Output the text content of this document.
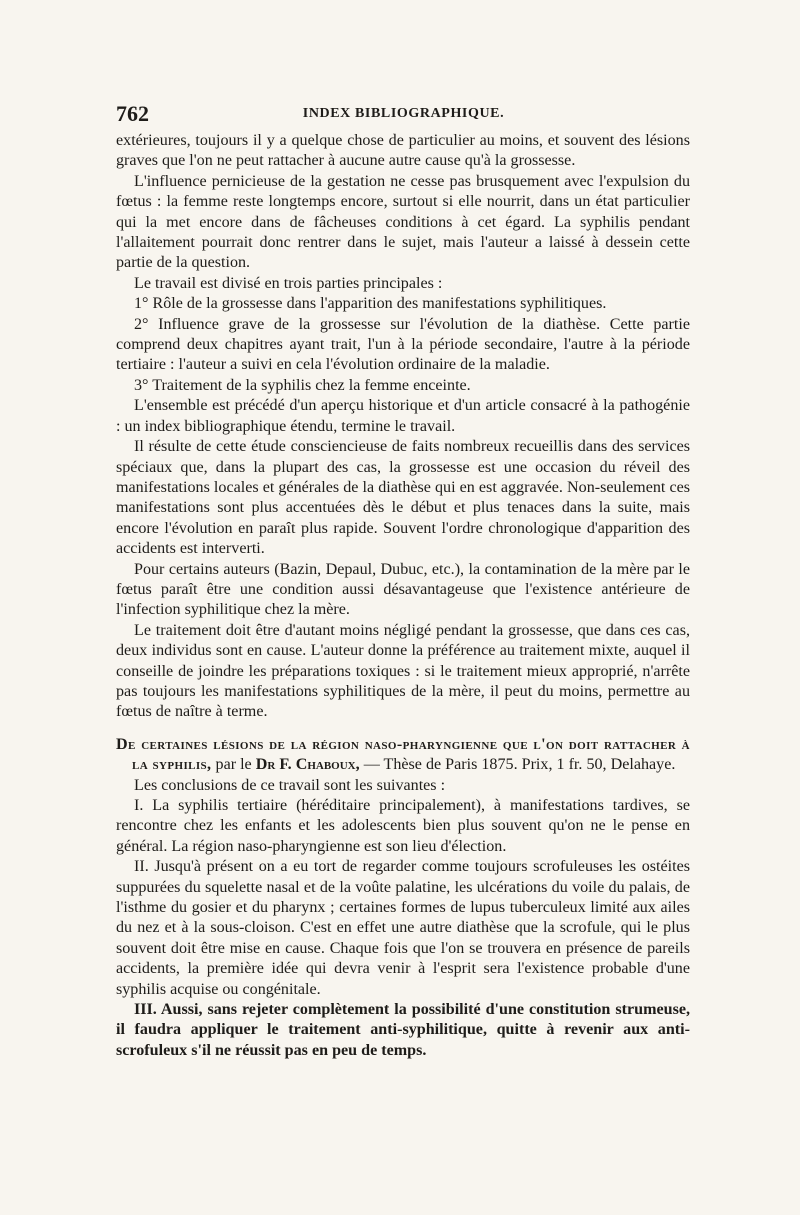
762	INDEX BIBLIOGRAPHIQUE.

extérieures, toujours il y a quelque chose de particulier au moins, et souvent des lésions graves que l'on ne peut rattacher à aucune autre cause qu'à la grossesse.

L'influence pernicieuse de la gestation ne cesse pas brusquement avec l'expulsion du fœtus : la femme reste longtemps encore, surtout si elle nourrit, dans un état particulier qui la met encore dans de fâcheuses conditions à cet égard. La syphilis pendant l'allaitement pourrait donc rentrer dans le sujet, mais l'auteur a laissé à dessein cette partie de la question.

Le travail est divisé en trois parties principales :

1° Rôle de la grossesse dans l'apparition des manifestations syphilitiques.

2° Influence grave de la grossesse sur l'évolution de la diathèse. Cette partie comprend deux chapitres ayant trait, l'un à la période secondaire, l'autre à la période tertiaire : l'auteur a suivi en cela l'évolution ordinaire de la maladie.

3° Traitement de la syphilis chez la femme enceinte.

L'ensemble est précédé d'un aperçu historique et d'un article consacré à la pathogénie : un index bibliographique étendu, termine le travail.

Il résulte de cette étude consciencieuse de faits nombreux recueillis dans des services spéciaux que, dans la plupart des cas, la grossesse est une occasion du réveil des manifestations locales et générales de la diathèse qui en est aggravée. Non-seulement ces manifestations sont plus accentuées dès le début et plus tenaces dans la suite, mais encore l'évolution en paraît plus rapide. Souvent l'ordre chronologique d'apparition des accidents est interverti.

Pour certains auteurs (Bazin, Depaul, Dubuc, etc.), la contamination de la mère par le fœtus paraît être une condition aussi désavantageuse que l'existence antérieure de l'infection syphilitique chez la mère.

Le traitement doit être d'autant moins négligé pendant la grossesse, que dans ces cas, deux individus sont en cause. L'auteur donne la préférence au traitement mixte, auquel il conseille de joindre les préparations toxiques : si le traitement mieux approprié, n'arrête pas toujours les manifestations syphilitiques de la mère, il peut du moins, permettre au fœtus de naître à terme.

De certaines lésions de la région naso-pharyngienne que l'on doit rattacher à la syphilis, par le Dr F. Chaboux, — Thèse de Paris 1875. Prix, 1 fr. 50, Delahaye.

Les conclusions de ce travail sont les suivantes :

I. La syphilis tertiaire (héréditaire principalement), à manifestations tardives, se rencontre chez les enfants et les adolescents bien plus souvent qu'on ne le pense en général. La région naso-pharyngienne est son lieu d'élection.

II. Jusqu'à présent on a eu tort de regarder comme toujours scrofuleuses les ostéites suppurées du squelette nasal et de la voûte palatine, les ulcérations du voile du palais, de l'isthme du gosier et du pharynx ; certaines formes de lupus tuberculeux limité aux ailes du nez et à la sous-cloison. C'est en effet une autre diathèse que la scrofule, qui le plus souvent doit être mise en cause. Chaque fois que l'on se trouvera en présence de pareils accidents, la première idée qui devra venir à l'esprit sera l'existence probable d'une syphilis acquise ou congénitale.

III. Aussi, sans rejeter complètement la possibilité d'une constitution strumeuse, il faudra appliquer le traitement anti-syphilitique, quitte à revenir aux anti-scrofuleux s'il ne réussit pas en peu de temps.
